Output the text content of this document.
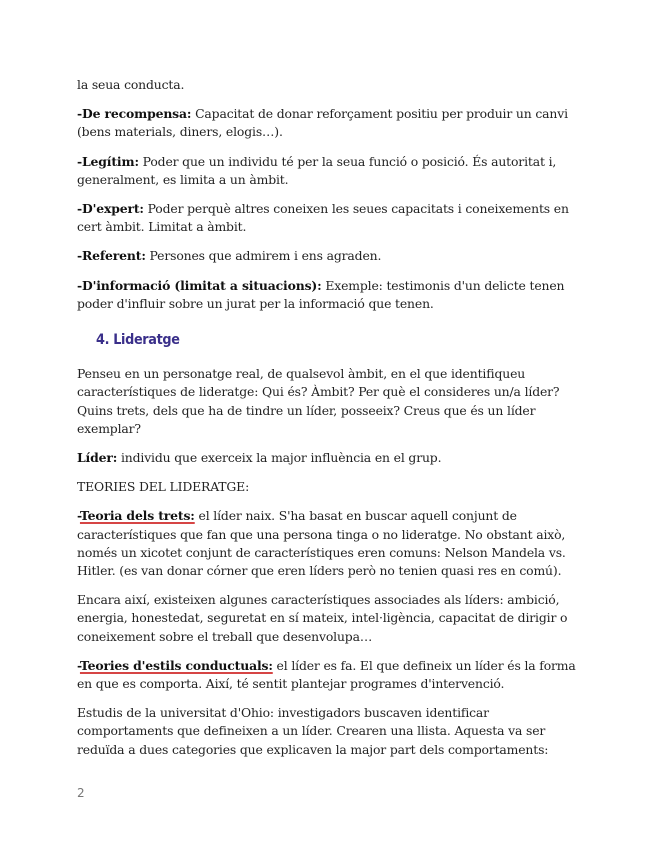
la seua conducta.

-De recompensa: Capacitat de donar reforçament positiu per produir un canvi (bens materials, diners, elogis…).

-Legítim: Poder que un individu té per la seua funció o posició. És autoritat i, generalment, es limita a un àmbit.

-D'expert: Poder perquè altres coneixen les seues capacitats i coneixements en cert àmbit. Limitat a àmbit.

-Referent: Persones que admirem i ens agraden.

-D'informació (limitat a situacions): Exemple: testimonis d'un delicte tenen poder d'influir sobre un jurat per la informació que tenen.

4. Lideratge

Penseu en un personatge real, de qualsevol àmbit, en el que identifiqueu característiques de lideratge: Qui és? Àmbit? Per què el consideres un/a líder? Quins trets, dels que ha de tindre un líder, posseeix? Creus que és un líder exemplar?

Líder: individu que exerceix la major influència en el grup.

TEORIES DEL LIDERATGE:

-Teoria dels trets: el líder naix. S'ha basat en buscar aquell conjunt de característiques que fan que una persona tinga o no lideratge. No obstant això, només un xicotet conjunt de característiques eren comuns: Nelson Mandela vs. Hitler. (es van donar córner que eren líders però no tenien quasi res en comú).

Encara així, existeixen algunes característiques associades als líders: ambició, energia, honestedat, seguretat en sí mateix, intel·ligència, capacitat de dirigir o coneixement sobre el treball que desenvolupa…

-Teories d'estils conductuals: el líder es fa. El que defineix un líder és la forma en que es comporta. Així, té sentit plantejar programes d'intervenció.

Estudis de la universitat d'Ohio: investigadors buscaven identificar comportaments que defineixen a un líder. Crearen una llista. Aquesta va ser reduïda a dues categories que explicaven la major part dels comportaments:

2
